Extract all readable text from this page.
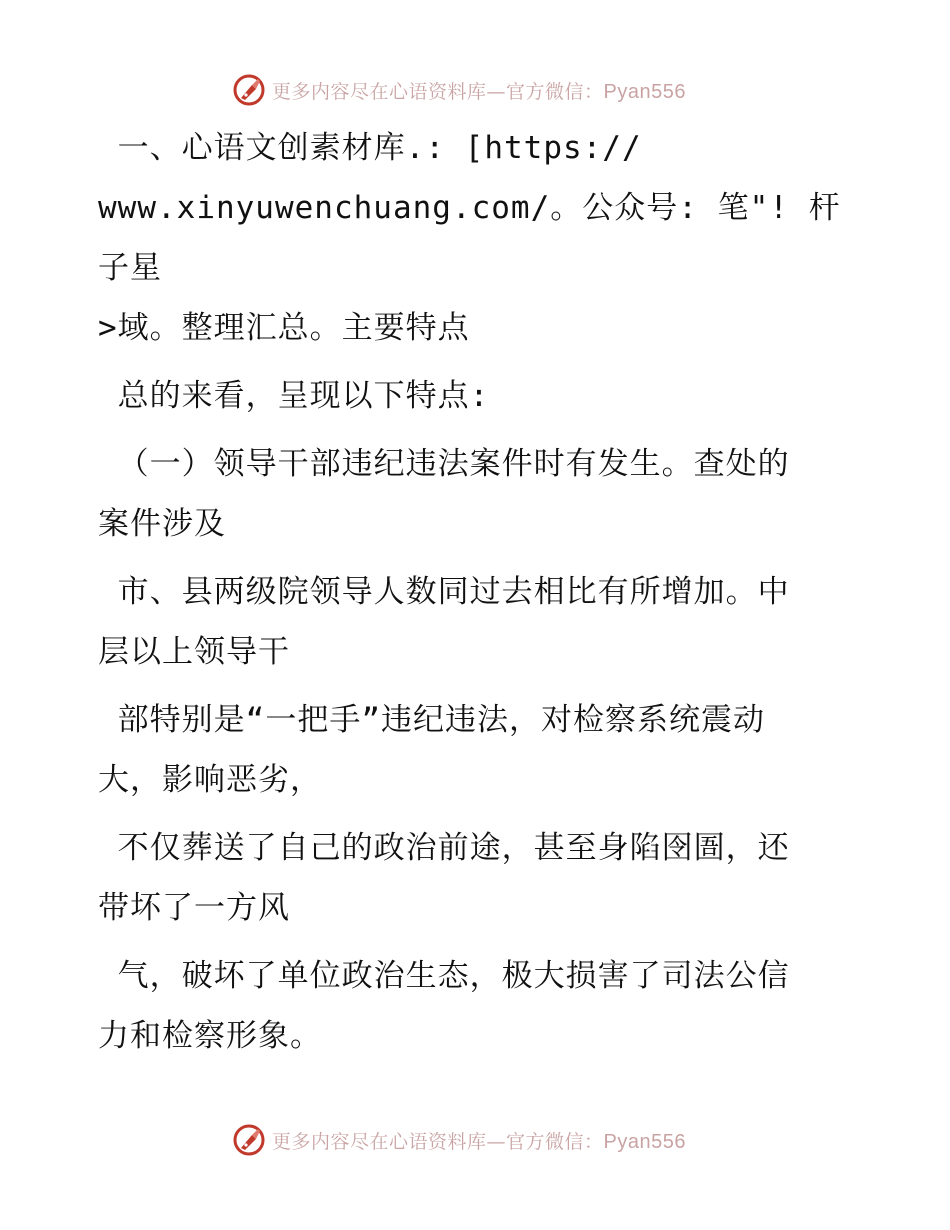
更多内容尽在心语资料库—官方微信：Pyan556

一、心语文创素材库.: [https://
www.xinyuwenchuang.com/。公众号: 笔"! 杆子星
>域。整理汇总。主要特点

总的来看，呈现以下特点:

（一）领导干部违纪违法案件时有发生。查处的
案件涉及

市、县两级院领导人数同过去相比有所增加。中
层以上领导干

部特别是“一把手”违纪违法，对检察系统震动
大，影响恶劣，

不仅葬送了自己的政治前途，甚至身陷囹圄，还
带坏了一方风

气，破坏了单位政治生态，极大损害了司法公信
力和检察形象。

更多内容尽在心语资料库—官方微信：Pyan556
